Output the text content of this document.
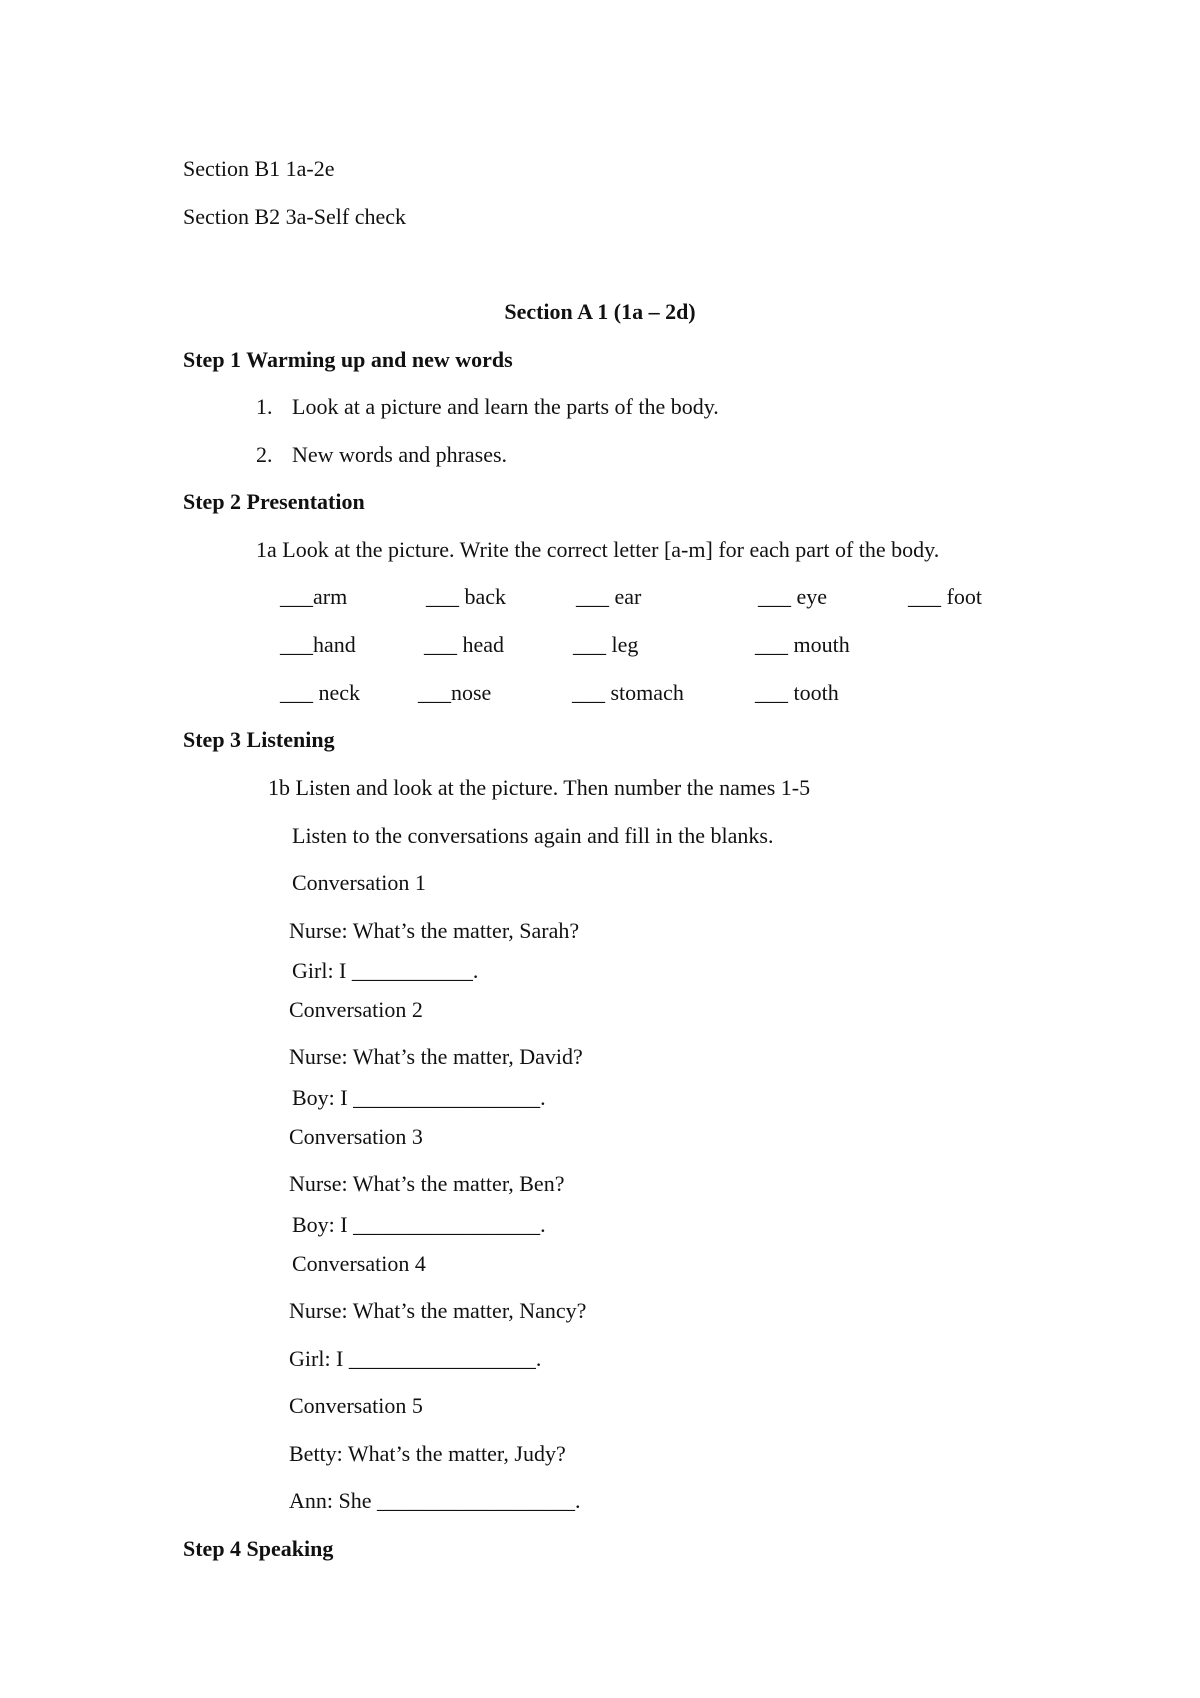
Section B1 1a-2e
Section B2 3a-Self check
Section A 1 (1a – 2d)
Step 1 Warming up and new words
1. Look at a picture and learn the parts of the body.
2. New words and phrases.
Step 2 Presentation
1a Look at the picture. Write the correct letter [a-m] for each part of the body.
___arm	___ back	___ ear	___ eye	___ foot
___hand	___ head	___ leg	___ mouth
___ neck	___nose	___ stomach	___ tooth
Step 3 Listening
1b Listen and look at the picture. Then number the names 1-5
Listen to the conversations again and fill in the blanks.
Conversation 1
Nurse: What’s the matter, Sarah?
Girl: I ___________.
Conversation 2
Nurse: What’s the matter, David?
Boy: I _________________.
Conversation 3
Nurse: What’s the matter, Ben?
Boy: I _________________.
Conversation 4
Nurse: What’s the matter, Nancy?
Girl: I _________________.
Conversation 5
Betty: What’s the matter, Judy?
Ann: She __________________.
Step 4 Speaking
